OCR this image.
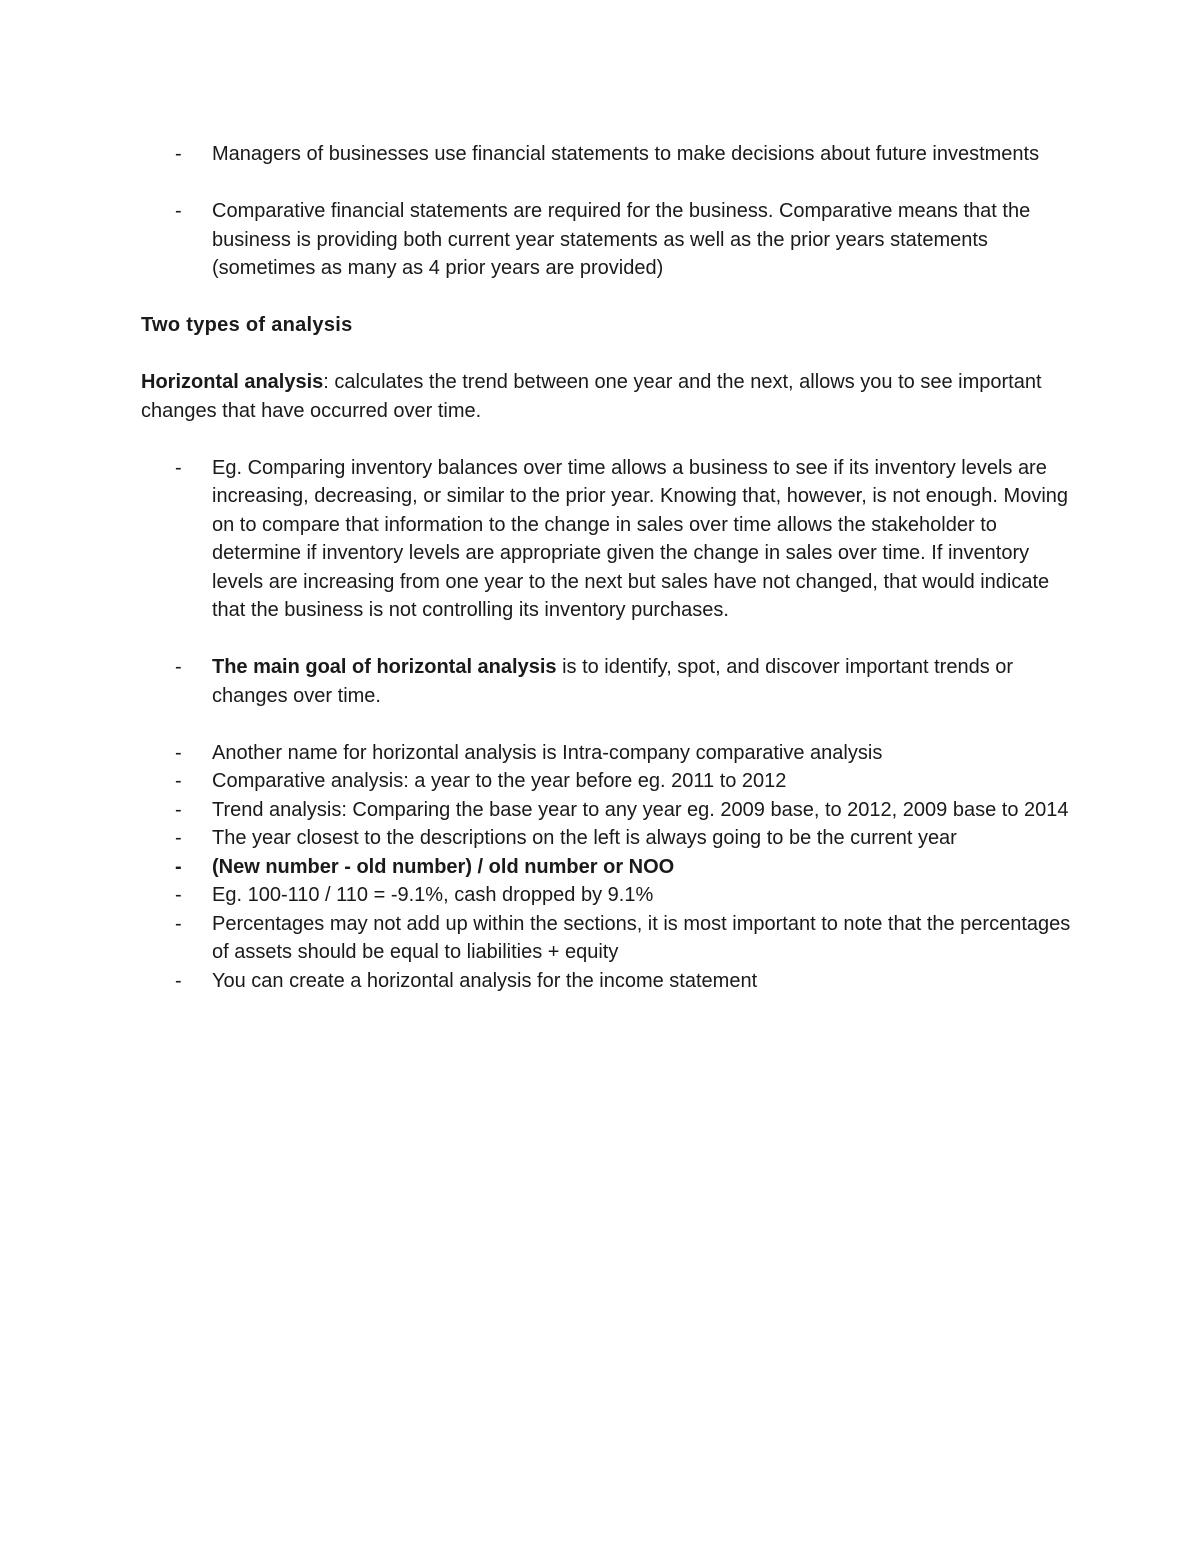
- Managers of businesses use financial statements to make decisions about future investments
- Comparative financial statements are required for the business. Comparative means that the business is providing both current year statements as well as the prior years statements (sometimes as many as 4 prior years are provided)
Two types of analysis
Horizontal analysis: calculates the trend between one year and the next, allows you to see important changes that have occurred over time.
- Eg. Comparing inventory balances over time allows a business to see if its inventory levels are increasing, decreasing, or similar to the prior year. Knowing that, however, is not enough. Moving on to compare that information to the change in sales over time allows the stakeholder to determine if inventory levels are appropriate given the change in sales over time. If inventory levels are increasing from one year to the next but sales have not changed, that would indicate that the business is not controlling its inventory purchases.
- The main goal of horizontal analysis is to identify, spot, and discover important trends or changes over time.
- Another name for horizontal analysis is Intra-company comparative analysis
- Comparative analysis: a year to the year before eg. 2011 to 2012
- Trend analysis: Comparing the base year to any year eg. 2009 base, to 2012, 2009 base to 2014
- The year closest to the descriptions on the left is always going to be the current year
- (New number - old number) / old number or NOO
- Eg. 100-110 / 110 = -9.1%, cash dropped by 9.1%
- Percentages may not add up within the sections, it is most important to note that the percentages of assets should be equal to liabilities + equity
- You can create a horizontal analysis for the income statement
